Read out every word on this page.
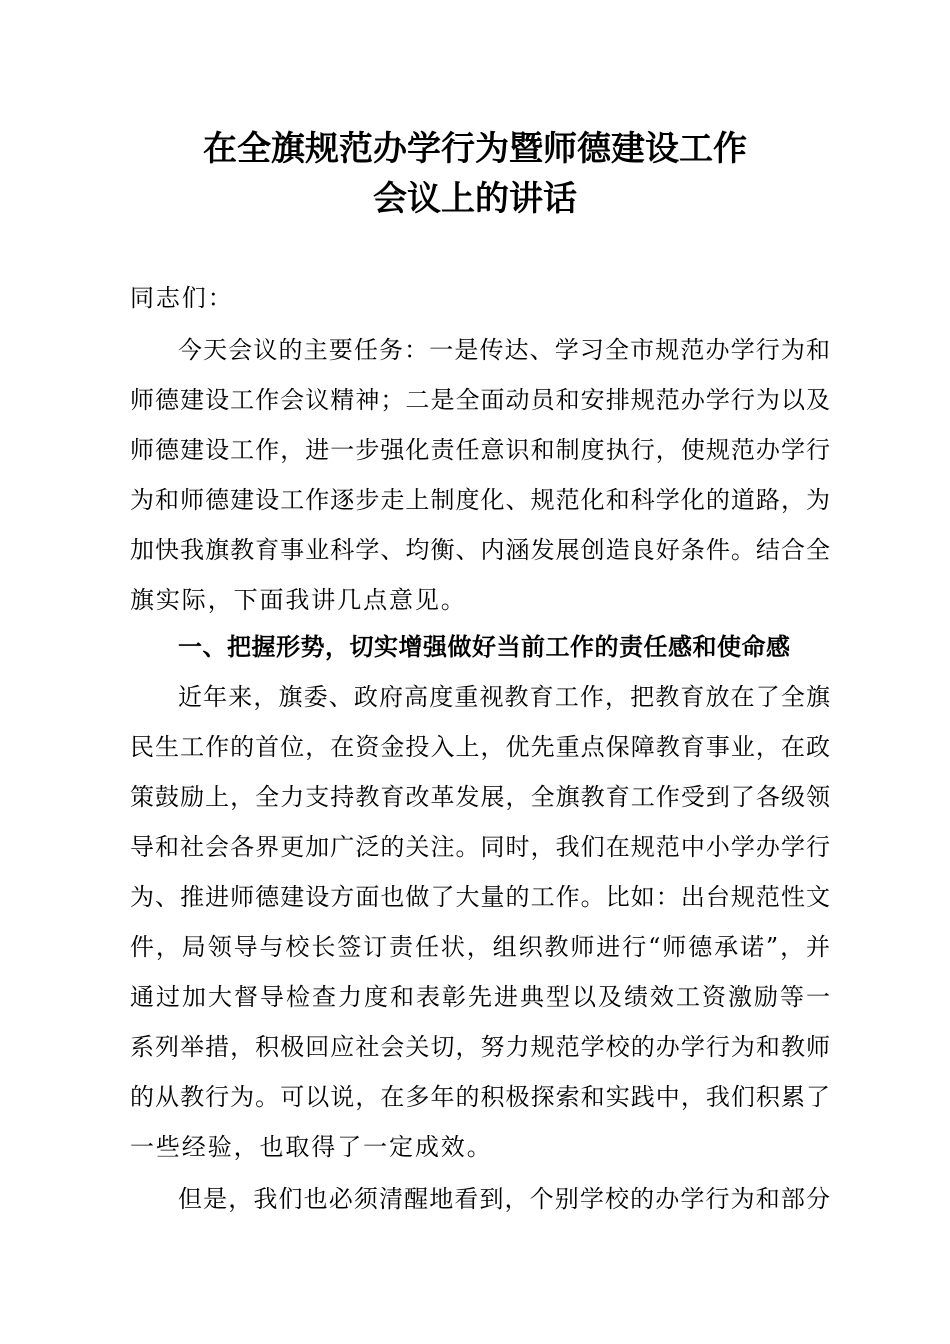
在全旗规范办学行为暨师德建设工作
会议上的讲话
同志们：
今天会议的主要任务：一是传达、学习全市规范办学行为和
师德建设工作会议精神；二是全面动员和安排规范办学行为以及
师德建设工作，进一步强化责任意识和制度执行，使规范办学行
为和师德建设工作逐步走上制度化、规范化和科学化的道路，为
加快我旗教育事业科学、均衡、内涵发展创造良好条件。结合全
旗实际，下面我讲几点意见。
一、把握形势，切实增强做好当前工作的责任感和使命感
近年来，旗委、政府高度重视教育工作，把教育放在了全旗
民生工作的首位，在资金投入上，优先重点保障教育事业，在政
策鼓励上，全力支持教育改革发展，全旗教育工作受到了各级领
导和社会各界更加广泛的关注。同时，我们在规范中小学办学行
为、推进师德建设方面也做了大量的工作。比如：出台规范性文
件，局领导与校长签订责任状，组织教师进行“师德承诺”，并
通过加大督导检查力度和表彰先进典型以及绩效工资激励等一
系列举措，积极回应社会关切，努力规范学校的办学行为和教师
的从教行为。可以说，在多年的积极探索和实践中，我们积累了
一些经验，也取得了一定成效。
但是，我们也必须清醒地看到，个别学校的办学行为和部分
